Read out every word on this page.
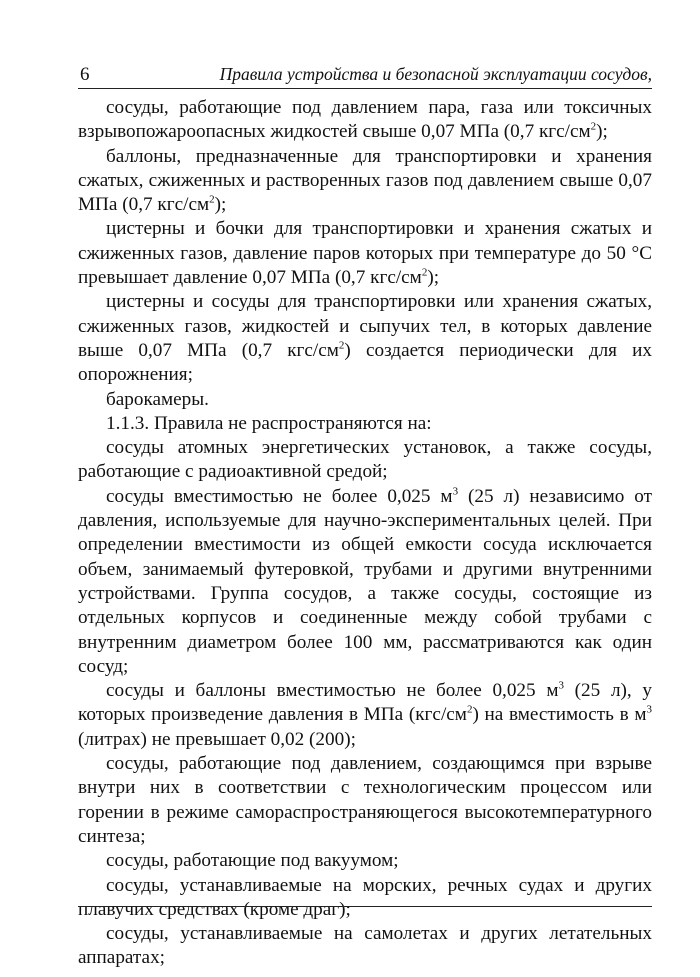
6	Правила устройства и безопасной эксплуатации сосудов,

сосуды, работающие под давлением пара, газа или токсичных взрывопожароопасных жидкостей свыше 0,07 МПа (0,7 кгс/$см^2$);

баллоны, предназначенные для транспортировки и хранения сжатых, сжиженных и растворенных газов под давлением свыше 0,07 МПа (0,7 кгс/$см^2$);

цистерны и бочки для транспортировки и хранения сжатых и сжиженных газов, давление паров которых при температуре до 50 °С превышает давление 0,07 МПа (0,7 кгс/$см^2$);

цистерны и сосуды для транспортировки или хранения сжатых, сжиженных газов, жидкостей и сыпучих тел, в которых давление выше 0,07 МПа (0,7 кгс/$см^2$) создается периодически для их опорожнения;

барокамеры.

1.1.3. Правила не распространяются на:

сосуды атомных энергетических установок, а также сосуды, работающие с радиоактивной средой;

сосуды вместимостью не более 0,025 $м^3$ (25 л) независимо от давления, используемые для научно-экспериментальных целей. При определении вместимости из общей емкости сосуда исключается объем, занимаемый футеровкой, трубами и другими внутренними устройствами. Группа сосудов, а также сосуды, состоящие из отдельных корпусов и соединенные между собой трубами с внутренним диаметром более 100 мм, рассматриваются как один сосуд;

сосуды и баллоны вместимостью не более 0,025 $м^3$ (25 л), у которых произведение давления в МПа $(кгс/см^2)$ на вместимость в $м^3$ (литрах) не превышает 0,02 (200);

сосуды, работающие под давлением, создающимся при взрыве внутри них в соответствии с технологическим процессом или горении в режиме самораспространяющегося высокотемпературного синтеза;

сосуды, работающие под вакуумом;

сосуды, устанавливаемые на морских, речных судах и других плавучих средствах (кроме драг);

сосуды, устанавливаемые на самолетах и других летательных аппаратах;
